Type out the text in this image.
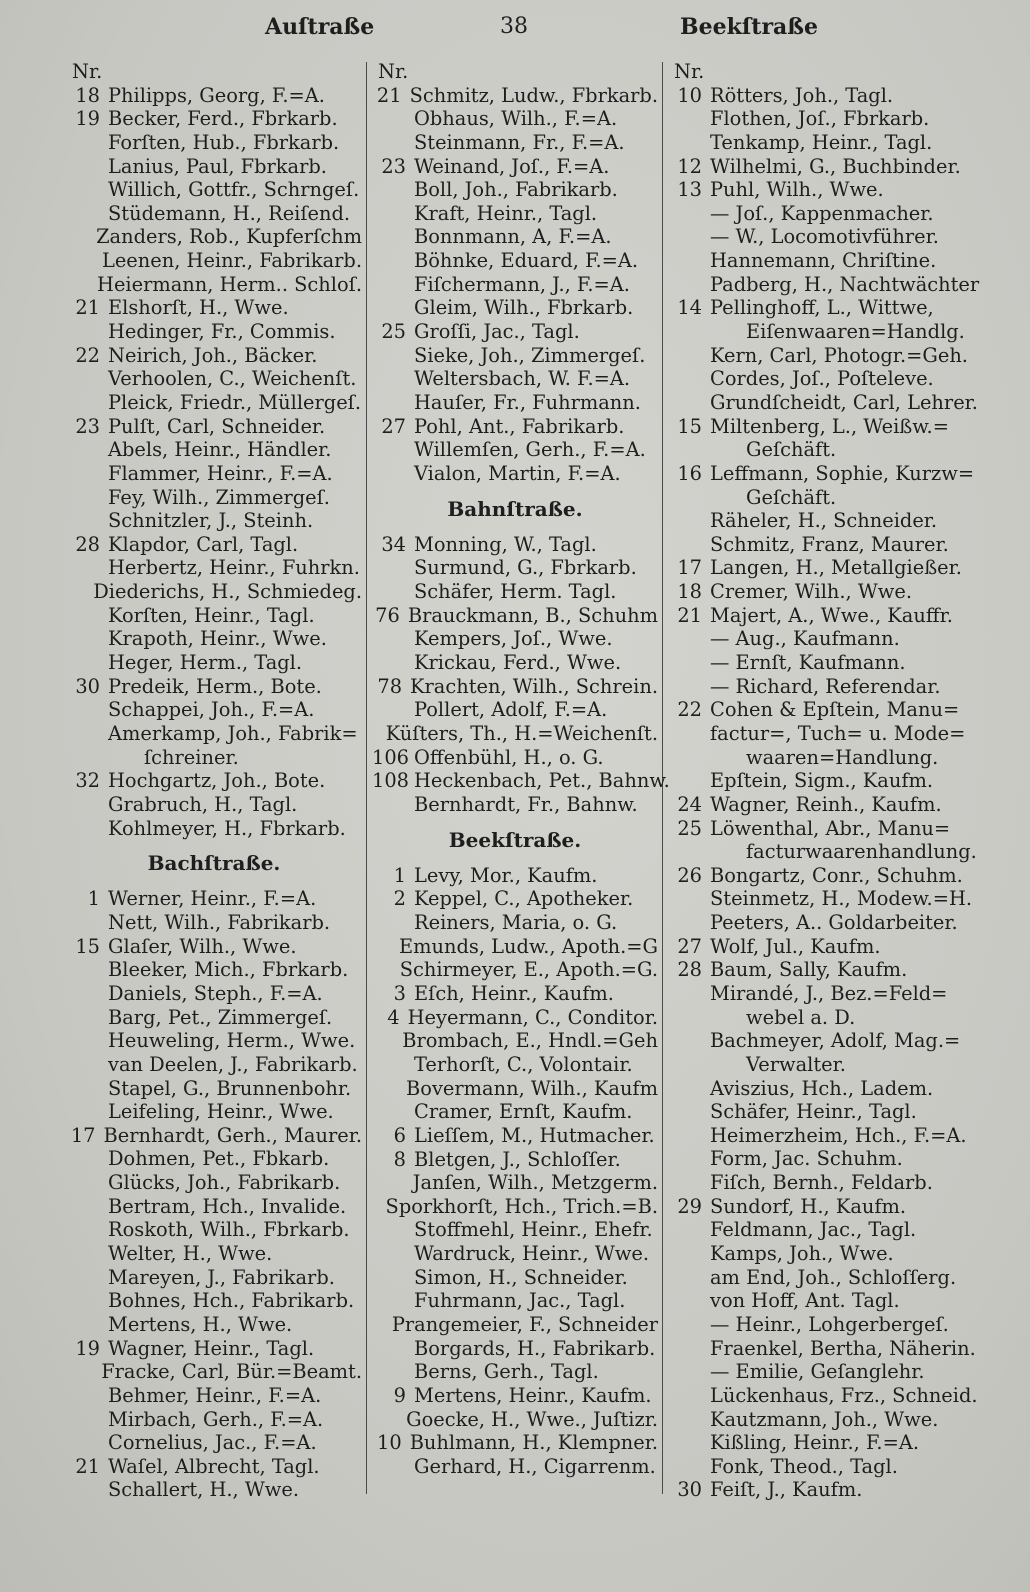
Auſtraße	38	Beekſtraße
Nr.
18 Philipps, Georg, F.=A.
19 Becker, Ferd., Fbrkarb.
Forſten, Hub., Fbrkarb.
Lanius, Paul, Fbrkarb.
Willich, Gottfr., Schrngeſ.
Stüdemann, H., Reiſend.
Zanders, Rob., Kupferſchm
Leenen, Heinr., Fabrikarb.
Heiermann, Herm.. Schloſ.
21 Elshorſt, H., Wwe.
Hedinger, Fr., Commis.
22 Neirich, Joh., Bäcker.
Verhoolen, C., Weichenſt.
Pleick, Friedr., Müllergeſ.
23 Pulſt, Carl, Schneider.
Abels, Heinr., Händler.
Flammer, Heinr., F.=A.
Fey, Wilh., Zimmergeſ.
Schnitzler, J., Steinh.
28 Klapdor, Carl, Tagl.
Herbertz, Heinr., Fuhrkn.
Diederichs, H., Schmiedeg.
Korſten, Heinr., Tagl.
Krapoth, Heinr., Wwe.
Heger, Herm., Tagl.
30 Predeik, Herm., Bote.
Schappei, Joh., F.=A.
Amerkamp, Joh., Fabrik=
ſchreiner.
32 Hochgartz, Joh., Bote.
Grabruch, H., Tagl.
Kohlmeyer, H., Fbrkarb.
Bachſtraße.
1 Werner, Heinr., F.=A.
Nett, Wilh., Fabrikarb.
15 Glaſer, Wilh., Wwe.
Bleeker, Mich., Fbrkarb.
Daniels, Steph., F.=A.
Barg, Pet., Zimmergeſ.
Heuweling, Herm., Wwe.
van Deelen, J., Fabrikarb.
Stapel, G., Brunnenbohr.
Leifeling, Heinr., Wwe.
17 Bernhardt, Gerh., Maurer.
Dohmen, Pet., Fbkarb.
Glücks, Joh., Fabrikarb.
Bertram, Hch., Invalide.
Roskoth, Wilh., Fbrkarb.
Welter, H., Wwe.
Mareyen, J., Fabrikarb.
Bohnes, Hch., Fabrikarb.
Mertens, H., Wwe.
19 Wagner, Heinr., Tagl.
Fracke, Carl, Bür.=Beamt.
Behmer, Heinr., F.=A.
Mirbach, Gerh., F.=A.
Cornelius, Jac., F.=A.
21 Waſel, Albrecht, Tagl.
Schallert, H., Wwe.
Nr.
21 Schmitz, Ludw., Fbrkarb.
Obhaus, Wilh., F.=A.
Steinmann, Fr., F.=A.
23 Weinand, Joſ., F.=A.
Boll, Joh., Fabrikarb.
Kraft, Heinr., Tagl.
Bonnmann, A, F.=A.
Böhnke, Eduard, F.=A.
Fiſchermann, J., F.=A.
Gleim, Wilh., Fbrkarb.
25 Groſſi, Jac., Tagl.
Sieke, Joh., Zimmergeſ.
Weltersbach, W. F.=A.
Hauſer, Fr., Fuhrmann.
27 Pohl, Ant., Fabrikarb.
Willemſen, Gerh., F.=A.
Vialon, Martin, F.=A.
Bahnſtraße.
34 Monning, W., Tagl.
Surmund, G., Fbrkarb.
Schäfer, Herm. Tagl.
76 Brauckmann, B., Schuhm
Kempers, Joſ., Wwe.
Krickau, Ferd., Wwe.
78 Krachten, Wilh., Schrein.
Pollert, Adolf, F.=A.
Küſters, Th., H.=Weichenſt.
106 Offenbühl, H., o. G.
108 Heckenbach, Pet., Bahnw.
Bernhardt, Fr., Bahnw.
Beekſtraße.
1 Levy, Mor., Kaufm.
2 Keppel, C., Apotheker.
Reiners, Maria, o. G.
Emunds, Ludw., Apoth.=G
Schirmeyer, E., Apoth.=G.
3 Eſch, Heinr., Kaufm.
4 Heyermann, C., Conditor.
Brombach, E., Hndl.=Geh
Terhorſt, C., Volontair.
Bovermann, Wilh., Kaufm
Cramer, Ernſt, Kaufm.
6 Lieſſem, M., Hutmacher.
8 Bletgen, J., Schloſſer.
Janſen, Wilh., Metzgerm.
Sporkhorſt, Hch., Trich.=B.
Stoffmehl, Heinr., Ehefr.
Wardruck, Heinr., Wwe.
Simon, H., Schneider.
Fuhrmann, Jac., Tagl.
Prangemeier, F., Schneider
Borgards, H., Fabrikarb.
Berns, Gerh., Tagl.
9 Mertens, Heinr., Kaufm.
Goecke, H., Wwe., Juſtizr.
10 Buhlmann, H., Klempner.
Gerhard, H., Cigarrenm.
Nr.
10 Rötters, Joh., Tagl.
Flothen, Joſ., Fbrkarb.
Tenkamp, Heinr., Tagl.
12 Wilhelmi, G., Buchbinder.
13 Puhl, Wilh., Wwe.
— Joſ., Kappenmacher.
— W., Locomotivführer.
Hannemann, Chriſtine.
Padberg, H., Nachtwächter
14 Pellinghoff, L., Wittwe,
Eiſenwaaren=Handlg.
Kern, Carl, Photogr.=Geh.
Cordes, Joſ., Poſteleve.
Grundſcheidt, Carl, Lehrer.
15 Miltenberg, L., Weißw.=
Geſchäft.
16 Leffmann, Sophie, Kurzw=
Geſchäft.
Räheler, H., Schneider.
Schmitz, Franz, Maurer.
17 Langen, H., Metallgießer.
18 Cremer, Wilh., Wwe.
21 Majert, A., Wwe., Kauffr.
— Aug., Kaufmann.
— Ernſt, Kaufmann.
— Richard, Referendar.
22 Cohen & Epſtein, Manu=
factur=, Tuch= u. Mode=
waaren=Handlung.
Epſtein, Sigm., Kaufm.
24 Wagner, Reinh., Kaufm.
25 Löwenthal, Abr., Manu=
facturwaarenhandlung.
26 Bongartz, Conr., Schuhm.
Steinmetz, H., Modew.=H.
Peeters, A.. Goldarbeiter.
27 Wolf, Jul., Kaufm.
28 Baum, Sally, Kaufm.
Mirandé, J., Bez.=Feld=
webel a. D.
Bachmeyer, Adolf, Mag.=
Verwalter.
Aviszius, Hch., Ladem.
Schäfer, Heinr., Tagl.
Heimerzheim, Hch., F.=A.
Form, Jac. Schuhm.
Fiſch, Bernh., Feldarb.
29 Sundorf, H., Kaufm.
Feldmann, Jac., Tagl.
Kamps, Joh., Wwe.
am End, Joh., Schloſſerg.
von Hoff, Ant. Tagl.
— Heinr., Lohgerbergeſ.
Fraenkel, Bertha, Näherin.
— Emilie, Geſanglehr.
Lückenhaus, Frz., Schneid.
Kautzmann, Joh., Wwe.
Kißling, Heinr., F.=A.
Fonk, Theod., Tagl.
30 Feiſt, J., Kaufm.
